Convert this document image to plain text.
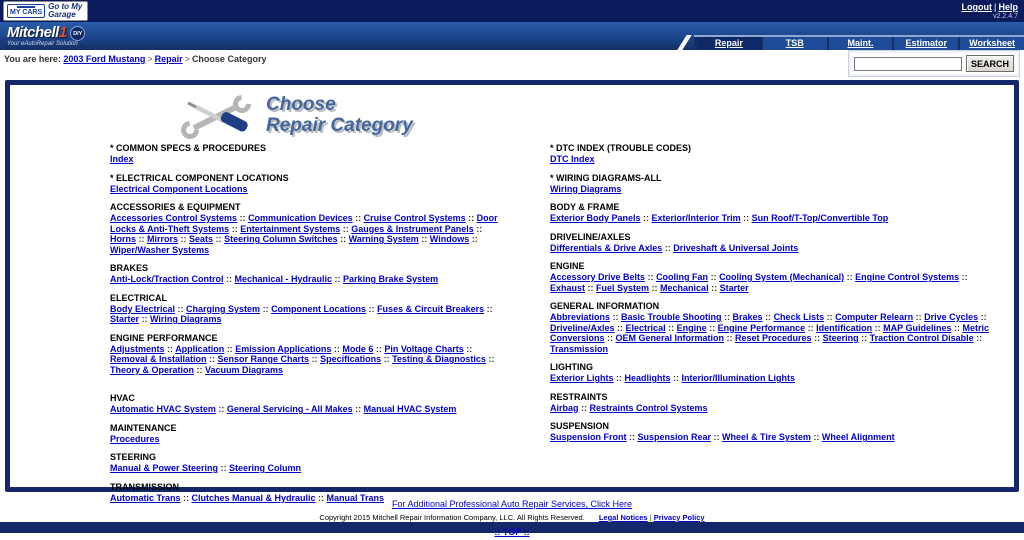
MY CARS
Go to My Garage
Logout | Help
v2.2.4.7
Mitchell1 DIY
Your eAutoRepair Solution	Repair	TSB	Maint.	Estimator	Worksheet
You are here: 2003 Ford Mustang > Repair > Choose Category	SEARCH
Choose
Repair Category
* COMMON SPECS & PROCEDURES
Index
* ELECTRICAL COMPONENT LOCATIONS
Electrical Component Locations
ACCESSORIES & EQUIPMENT
Accessories Control Systems :: Communication Devices :: Cruise Control Systems :: Door Locks & Anti-Theft Systems :: Entertainment Systems :: Gauges & Instrument Panels :: Horns :: Mirrors :: Seats :: Steering Column Switches :: Warning System :: Windows :: Wiper/Washer Systems
BRAKES
Anti-Lock/Traction Control :: Mechanical - Hydraulic :: Parking Brake System
ELECTRICAL
Body Electrical :: Charging System :: Component Locations :: Fuses & Circuit Breakers :: Starter :: Wiring Diagrams
ENGINE PERFORMANCE
Adjustments :: Application :: Emission Applications :: Mode 6 :: Pin Voltage Charts :: Removal & Installation :: Sensor Range Charts :: Specifications :: Testing & Diagnostics :: Theory & Operation :: Vacuum Diagrams
HVAC
Automatic HVAC System :: General Servicing - All Makes :: Manual HVAC System
MAINTENANCE
Procedures
STEERING
Manual & Power Steering :: Steering Column
TRANSMISSION
Automatic Trans :: Clutches Manual & Hydraulic :: Manual Trans
* DTC INDEX (TROUBLE CODES)
DTC Index
* WIRING DIAGRAMS-ALL
Wiring Diagrams
BODY & FRAME
Exterior Body Panels :: Exterior/Interior Trim :: Sun Roof/T-Top/Convertible Top
DRIVELINE/AXLES
Differentials & Drive Axles :: Driveshaft & Universal Joints
ENGINE
Accessory Drive Belts :: Cooling Fan :: Cooling System (Mechanical) :: Engine Control Systems :: Exhaust :: Fuel System :: Mechanical :: Starter
GENERAL INFORMATION
Abbreviations :: Basic Trouble Shooting :: Brakes :: Check Lists :: Computer Relearn :: Drive Cycles :: Driveline/Axles :: Electrical :: Engine :: Engine Performance :: Identification :: MAP Guidelines :: Metric Conversions :: OEM General Information :: Reset Procedures :: Steering :: Traction Control Disable :: Transmission
LIGHTING
Exterior Lights :: Headlights :: Interior/Illumination Lights
RESTRAINTS
Airbag :: Restraints Control Systems
SUSPENSION
Suspension Front :: Suspension Rear :: Wheel & Tire System :: Wheel Alignment
For Additional Professional Auto Repair Services, Click Here
Copyright 2015 Mitchell Repair Information Company, LLC. All Rights Reserved. Legal Notices | Privacy Policy
:: TOP ::
